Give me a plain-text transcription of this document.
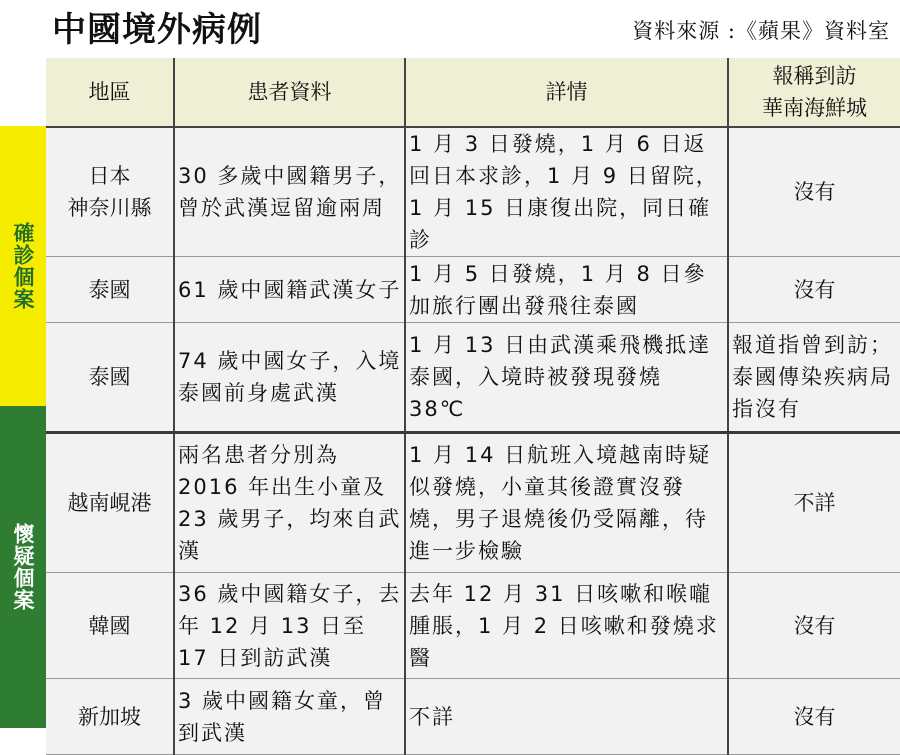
中國境外病例	資料來源 :《蘋果》資料室
確診個案
懷疑個案
地區	患者資料	詳情	報稱到訪
華南海鮮城

日本
神奈川縣	30 多歲中國籍男子，曾於武漢逗留逾兩周	1 月 3 日發燒，1 月 6 日返回日本求診，1 月 9 日留院，1 月 15 日康復出院，同日確診	沒有
泰國	61 歲中國籍武漢女子	1 月 5 日發燒，1 月 8 日參加旅行團出發飛往泰國	沒有
泰國	74 歲中國女子，入境泰國前身處武漢	1 月 13 日由武漢乘飛機抵達泰國，入境時被發現發燒 38℃	報道指曾到訪；泰國傳染疾病局指沒有
越南峴港	兩名患者分別為 2016 年出生小童及 23 歲男子，均來自武漢	1 月 14 日航班入境越南時疑似發燒，小童其後證實沒發燒，男子退燒後仍受隔離，待進一步檢驗	不詳
韓國	36 歲中國籍女子，去年 12 月 13 日至 17 日到訪武漢	去年 12 月 31 日咳嗽和喉嚨腫脹，1 月 2 日咳嗽和發燒求醫	沒有
新加坡	3 歲中國籍女童，曾到武漢	不詳	沒有
